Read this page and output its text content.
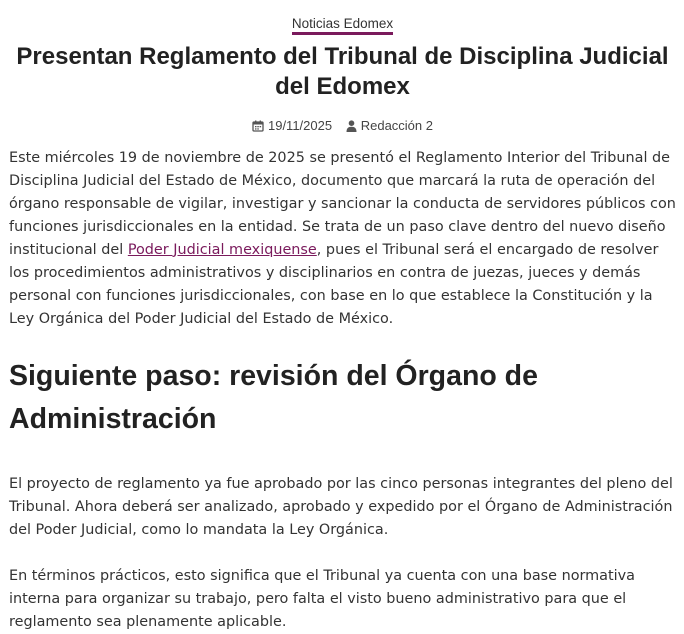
Noticias Edomex
Presentan Reglamento del Tribunal de Disciplina Judicial del Edomex
19/11/2025
Redacción 2

Este miércoles 19 de noviembre de 2025 se presentó el Reglamento Interior del Tribunal de Disciplina Judicial del Estado de México, documento que marcará la ruta de operación del órgano responsable de vigilar, investigar y sancionar la conducta de servidores públicos con funciones jurisdiccionales en la entidad. Se trata de un paso clave dentro del nuevo diseño institucional del Poder Judicial mexiquense, pues el Tribunal será el encargado de resolver los procedimientos administrativos y disciplinarios en contra de juezas, jueces y demás personal con funciones jurisdiccionales, con base en lo que establece la Constitución y la Ley Orgánica del Poder Judicial del Estado de México.

Siguiente paso: revisión del Órgano de Administración

El proyecto de reglamento ya fue aprobado por las cinco personas integrantes del pleno del Tribunal. Ahora deberá ser analizado, aprobado y expedido por el Órgano de Administración del Poder Judicial, como lo mandata la Ley Orgánica.

En términos prácticos, esto significa que el Tribunal ya cuenta con una base normativa interna para organizar su trabajo, pero falta el visto bueno administrativo para que el reglamento sea plenamente aplicable.
